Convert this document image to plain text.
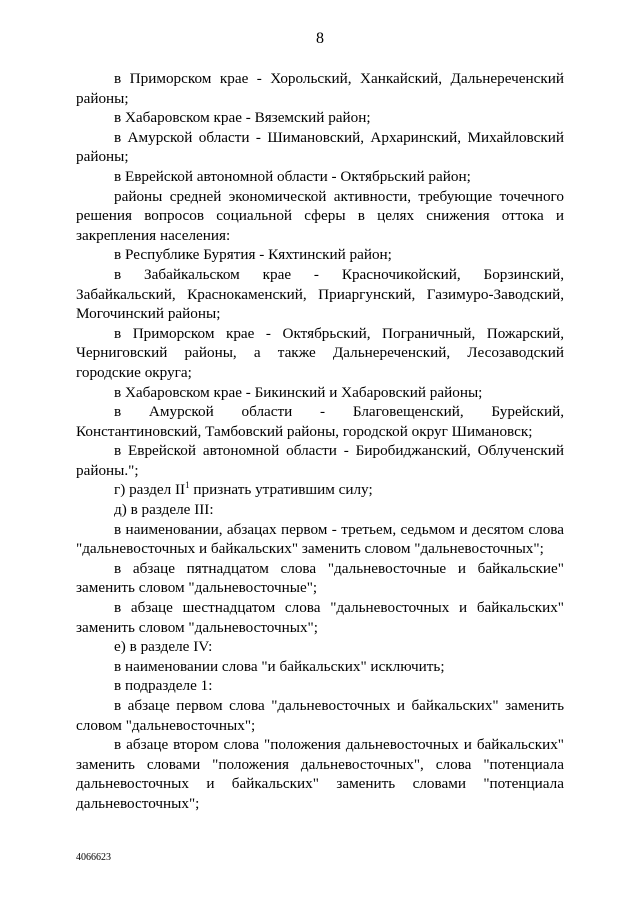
8

в Приморском крае - Хорольский, Ханкайский, Дальнереченский районы;

в Хабаровском крае - Вяземский район;

в Амурской области - Шимановский, Архаринский, Михайловский районы;

в Еврейской автономной области - Октябрьский район;

районы средней экономической активности, требующие точечного решения вопросов социальной сферы в целях снижения оттока и закрепления населения:

в Республике Бурятия - Кяхтинский район;

в Забайкальском крае - Красночикойский, Борзинский, Забайкальский, Краснокаменский, Приаргунский, Газимуро-Заводский, Могочинский районы;

в Приморском крае - Октябрьский, Пограничный, Пожарский, Черниговский районы, а также Дальнереченский, Лесозаводский городские округа;

в Хабаровском крае - Бикинский и Хабаровский районы;

в Амурской области - Благовещенский, Бурейский, Константиновский, Тамбовский районы, городской округ Шимановск;

в Еврейской автономной области - Биробиджанский, Облученский районы.";

г) раздел $II^1$ признать утратившим силу;

д) в разделе III:

в наименовании, абзацах первом - третьем, седьмом и десятом слова "дальневосточных и байкальских" заменить словом "дальневосточных";

в абзаце пятнадцатом слова "дальневосточные и байкальские" заменить словом "дальневосточные";

в абзаце шестнадцатом слова "дальневосточных и байкальских" заменить словом "дальневосточных";

е) в разделе IV:

в наименовании слова "и байкальских" исключить;

в подразделе 1:

в абзаце первом слова "дальневосточных и байкальских" заменить словом "дальневосточных";

в абзаце втором слова "положения дальневосточных и байкальских" заменить словами "положения дальневосточных", слова "потенциала дальневосточных и байкальских" заменить словами "потенциала дальневосточных";

4066623
